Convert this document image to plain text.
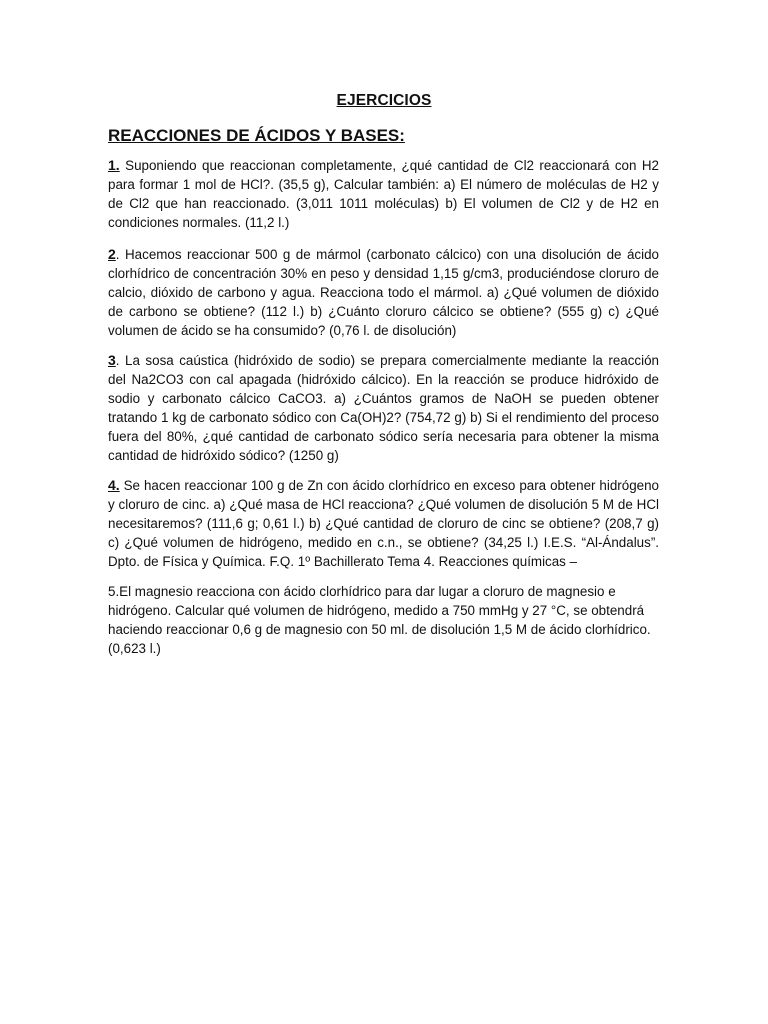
EJERCICIOS
REACCIONES DE ÁCIDOS Y BASES:

1. Suponiendo que reaccionan completamente, ¿qué cantidad de Cl2 reaccionará con H2 para formar 1 mol de HCl?. (35,5 g), Calcular también: a) El número de moléculas de H2 y de Cl2 que han reaccionado. (3,011 1011 moléculas) b) El volumen de Cl2 y de H2 en condiciones normales. (11,2 l.)

2. Hacemos reaccionar 500 g de mármol (carbonato cálcico) con una disolución de ácido clorhídrico de concentración 30% en peso y densidad 1,15 g/cm3, produciéndose cloruro de calcio, dióxido de carbono y agua. Reacciona todo el mármol. a) ¿Qué volumen de dióxido de carbono se obtiene? (112 l.) b) ¿Cuánto cloruro cálcico se obtiene? (555 g) c) ¿Qué volumen de ácido se ha consumido? (0,76 l. de disolución)

3. La sosa caústica (hidróxido de sodio) se prepara comercialmente mediante la reacción del Na2CO3 con cal apagada (hidróxido cálcico). En la reacción se produce hidróxido de sodio y carbonato cálcico CaCO3. a) ¿Cuántos gramos de NaOH se pueden obtener tratando 1 kg de carbonato sódico con Ca(OH)2? (754,72 g) b) Si el rendimiento del proceso fuera del 80%, ¿qué cantidad de carbonato sódico sería necesaria para obtener la misma cantidad de hidróxido sódico? (1250 g)

4. Se hacen reaccionar 100 g de Zn con ácido clorhídrico en exceso para obtener hidrógeno y cloruro de cinc. a) ¿Qué masa de HCl reacciona? ¿Qué volumen de disolución 5 M de HCl necesitaremos? (111,6 g; 0,61 l.) b) ¿Qué cantidad de cloruro de cinc se obtiene? (208,7 g) c) ¿Qué volumen de hidrógeno, medido en c.n., se obtiene? (34,25 l.) I.E.S. “Al-Ándalus”. Dpto. de Física y Química. F.Q. 1º Bachillerato Tema 4. Reacciones químicas –

5.El magnesio reacciona con ácido clorhídrico para dar lugar a cloruro de magnesio e hidrógeno. Calcular qué volumen de hidrógeno, medido a 750 mmHg y 27 °C, se obtendrá haciendo reaccionar 0,6 g de magnesio con 50 ml. de disolución 1,5 M de ácido clorhídrico. (0,623 l.)
